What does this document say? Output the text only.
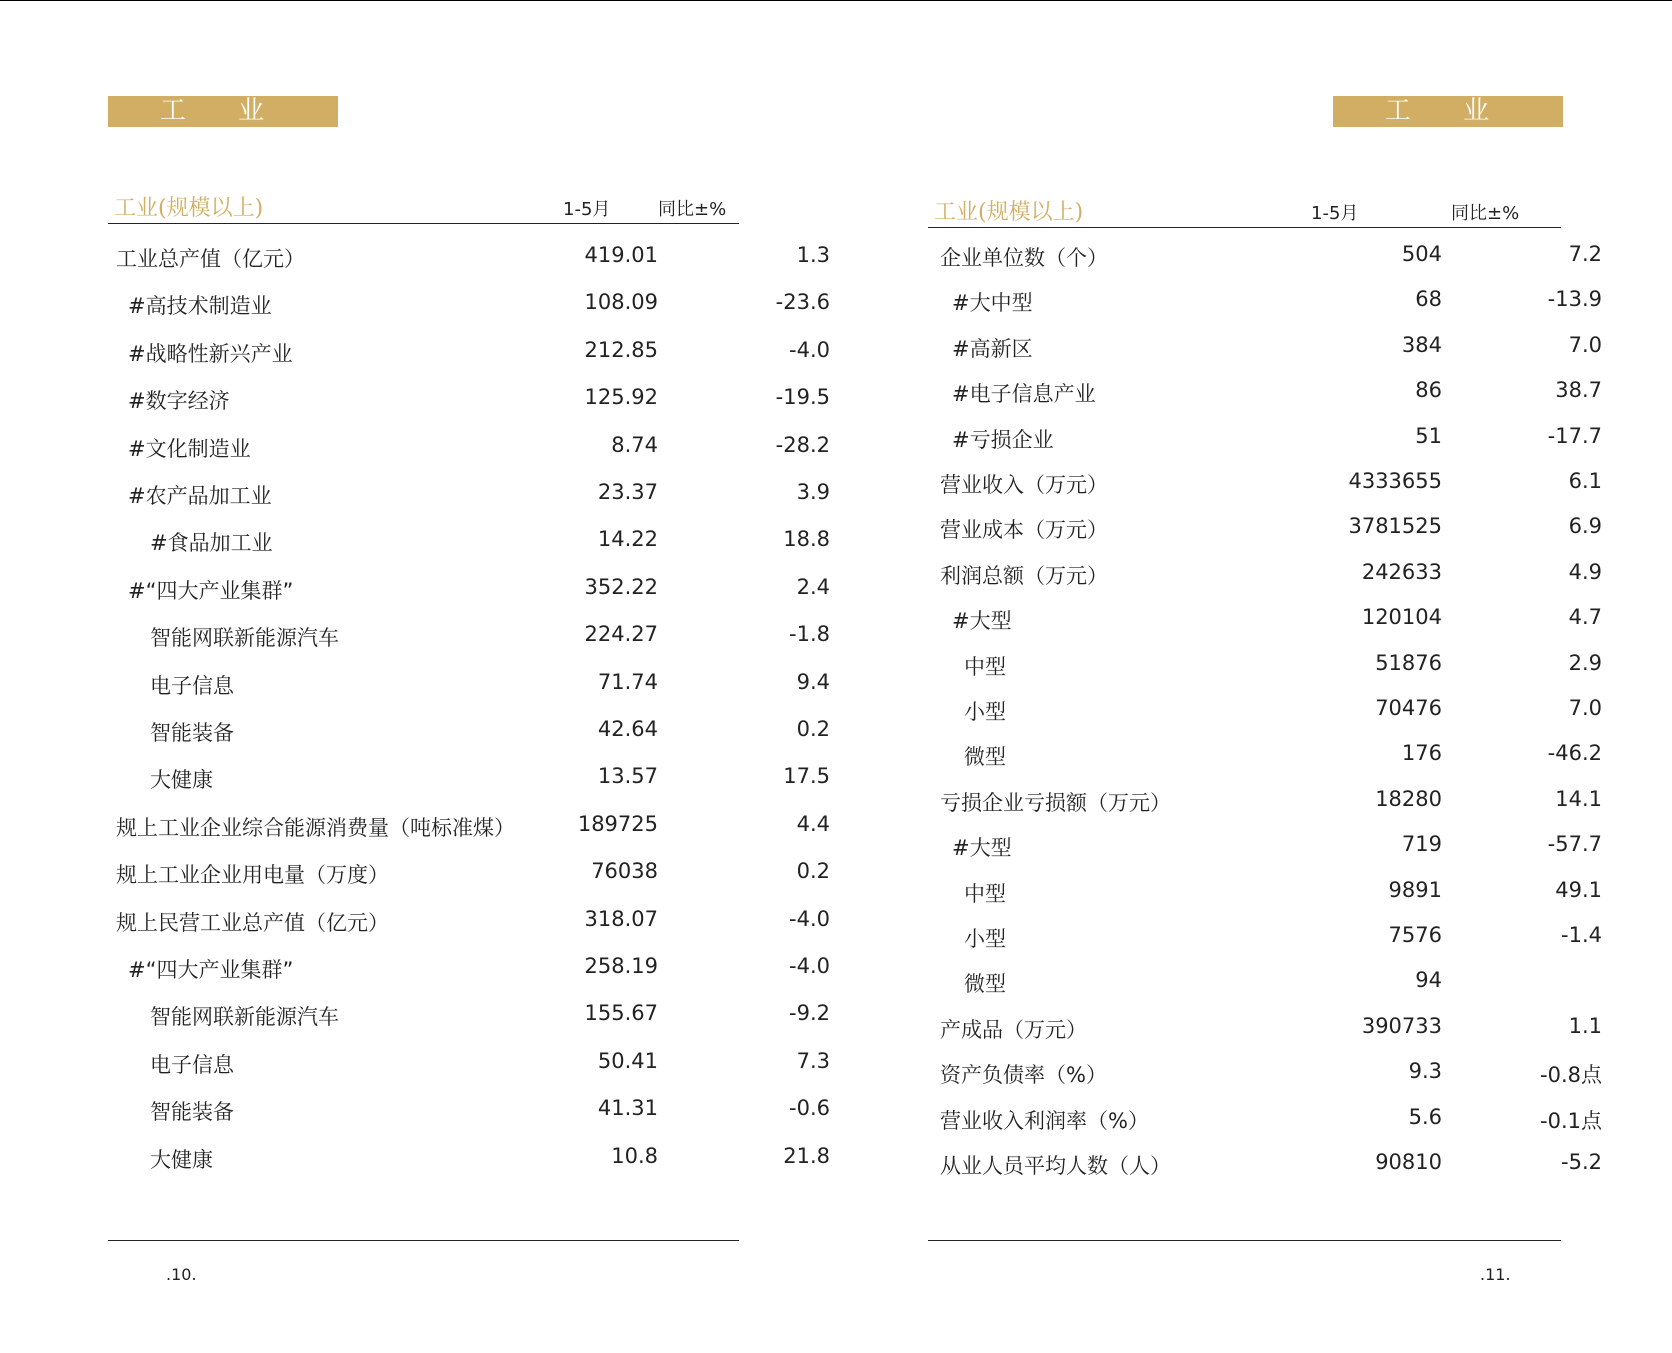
工 业
工业(规模以上)	1-5月	同比±%
工业总产值（亿元）	419.01	1.3
#高技术制造业	108.09	-23.6
#战略性新兴产业	212.85	-4.0
#数字经济	125.92	-19.5
#文化制造业	8.74	-28.2
#农产品加工业	23.37	3.9
#食品加工业	14.22	18.8
#“四大产业集群”	352.22	2.4
智能网联新能源汽车	224.27	-1.8
电子信息	71.74	9.4
智能装备	42.64	0.2
大健康	13.57	17.5
规上工业企业综合能源消费量（吨标准煤）	189725	4.4
规上工业企业用电量（万度）	76038	0.2
规上民营工业总产值（亿元）	318.07	-4.0
#“四大产业集群”	258.19	-4.0
智能网联新能源汽车	155.67	-9.2
电子信息	50.41	7.3
智能装备	41.31	-0.6
大健康	10.8	21.8
.10.
工 业
工业(规模以上)	1-5月	同比±%
企业单位数（个）	504	7.2
#大中型	68	-13.9
#高新区	384	7.0
#电子信息产业	86	38.7
#亏损企业	51	-17.7
营业收入（万元）	4333655	6.1
营业成本（万元）	3781525	6.9
利润总额（万元）	242633	4.9
#大型	120104	4.7
中型	51876	2.9
小型	70476	7.0
微型	176	-46.2
亏损企业亏损额（万元）	18280	14.1
#大型	719	-57.7
中型	9891	49.1
小型	7576	-1.4
微型	94
产成品（万元）	390733	1.1
资产负债率（%）	9.3	-0.8点
营业收入利润率（%）	5.6	-0.1点
从业人员平均人数（人）	90810	-5.2
.11.
